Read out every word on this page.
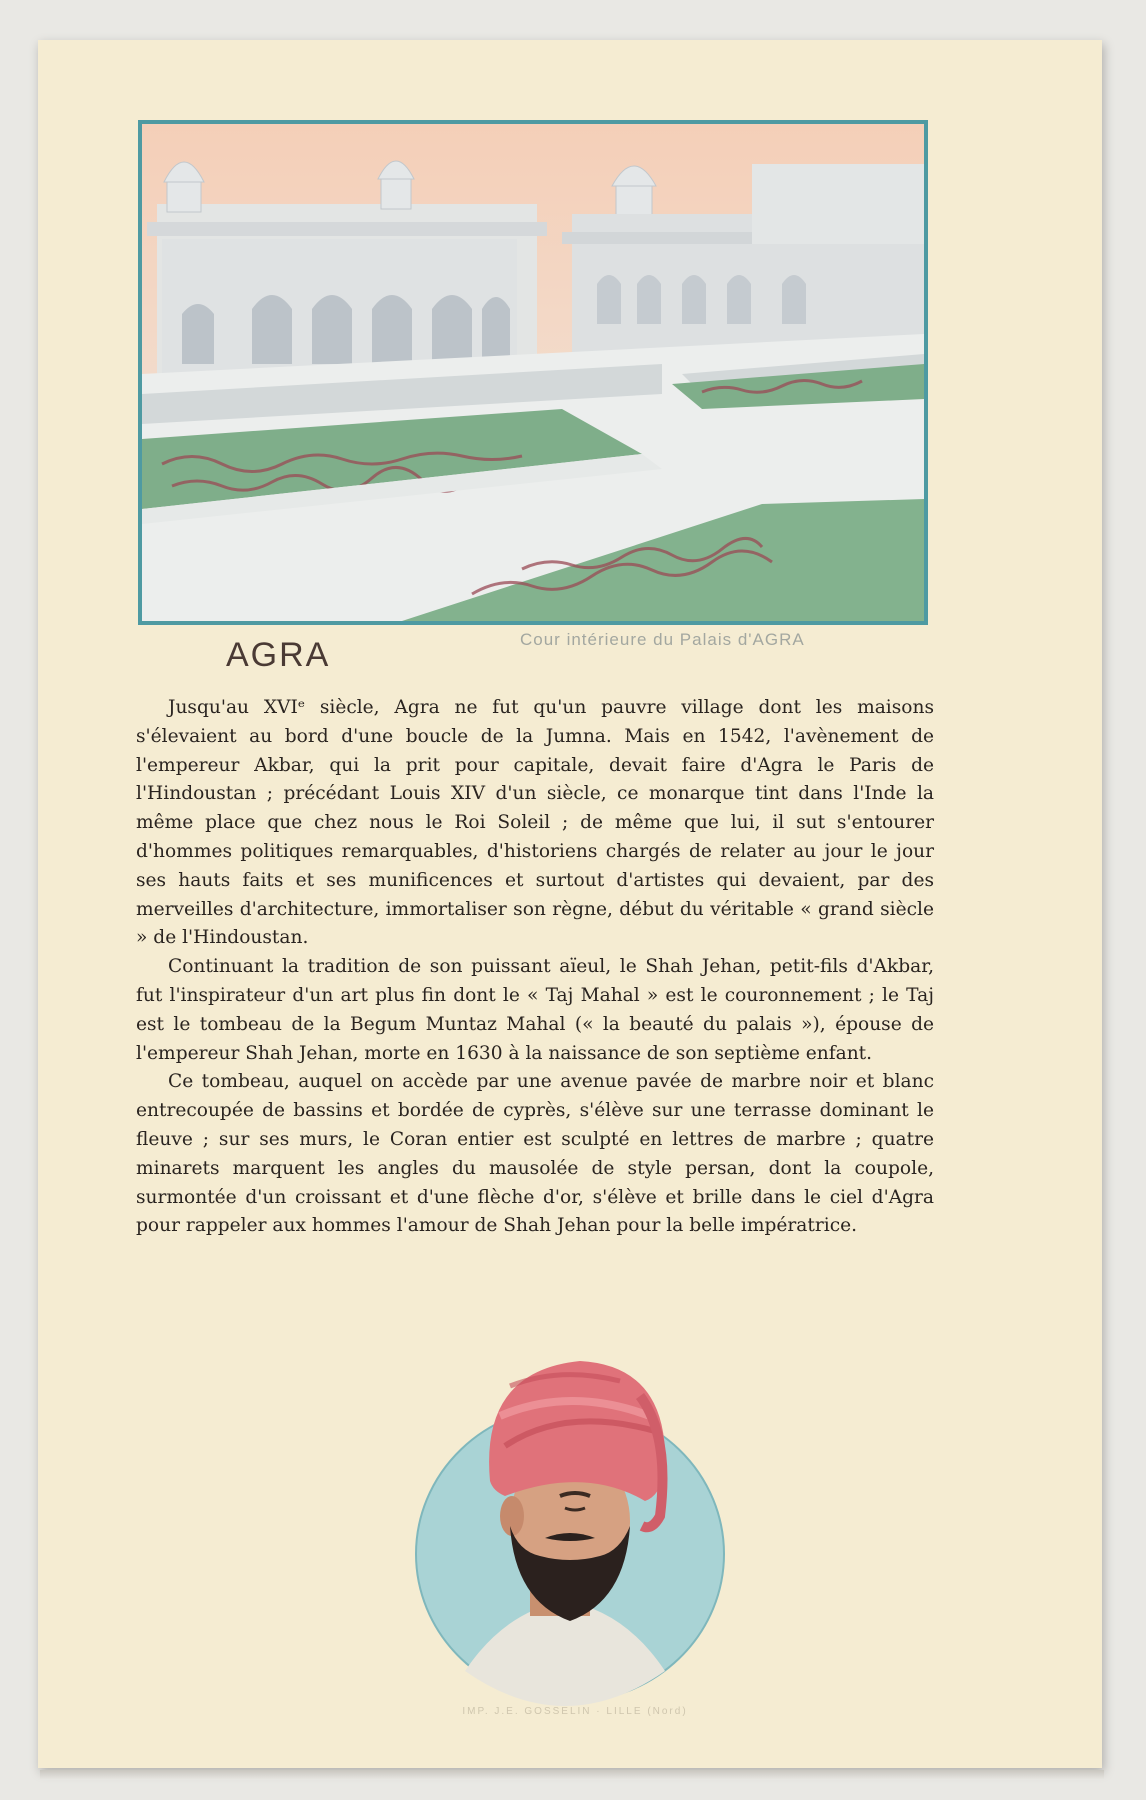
AGRA	Cour intérieure du Palais d'AGRA

Jusqu'au XVIᵉ siècle, Agra ne fut qu'un pauvre village dont les maisons s'élevaient au bord d'une boucle de la Jumna. Mais en 1542, l'avènement de l'empereur Akbar, qui la prit pour capitale, devait faire d'Agra le Paris de l'Hindoustan ; précédant Louis XIV d'un siècle, ce monarque tint dans l'Inde la même place que chez nous le Roi Soleil ; de même que lui, il sut s'entourer d'hommes politiques remarquables, d'historiens chargés de relater au jour le jour ses hauts faits et ses munificences et surtout d'artistes qui devaient, par des merveilles d'architecture, immortaliser son règne, début du véritable « grand siècle » de l'Hindoustan.

Continuant la tradition de son puissant aïeul, le Shah Jehan, petit-fils d'Akbar, fut l'inspirateur d'un art plus fin dont le « Taj Mahal » est le couronnement ; le Taj est le tombeau de la Begum Muntaz Mahal (« la beauté du palais »), épouse de l'empereur Shah Jehan, morte en 1630 à la naissance de son septième enfant.

Ce tombeau, auquel on accède par une avenue pavée de marbre noir et blanc entrecoupée de bassins et bordée de cyprès, s'élève sur une terrasse dominant le fleuve ; sur ses murs, le Coran entier est sculpté en lettres de marbre ; quatre minarets marquent les angles du mausolée de style persan, dont la coupole, surmontée d'un croissant et d'une flèche d'or, s'élève et brille dans le ciel d'Agra pour rappeler aux hommes l'amour de Shah Jehan pour la belle impératrice.

IMP. J.E. GOSSELIN · LILLE (Nord)
